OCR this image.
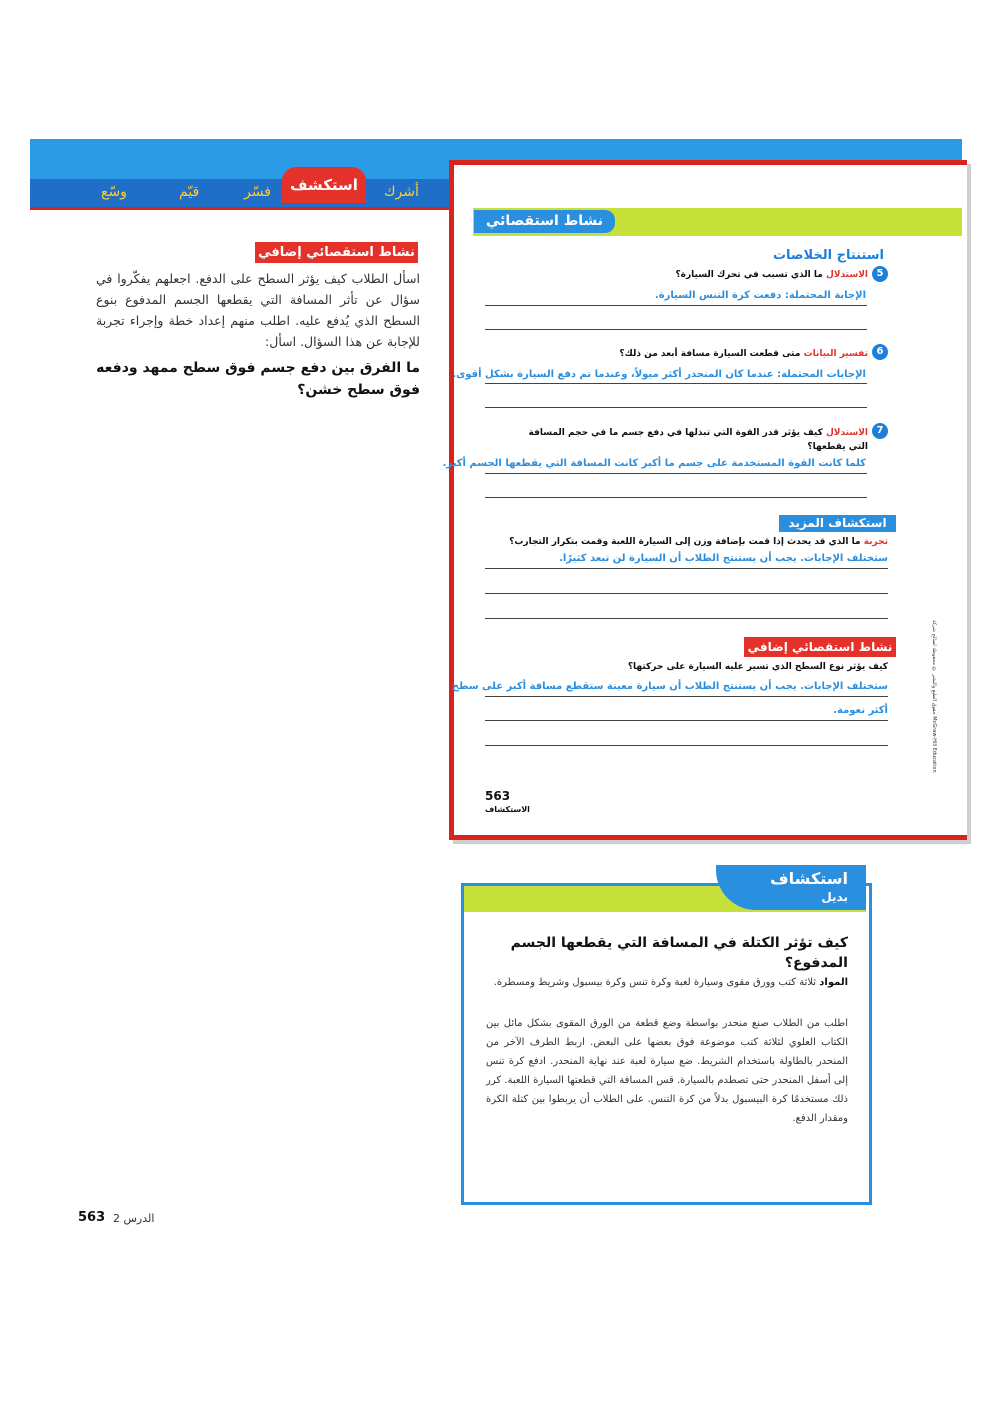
وسّع	قيّم	فسّر	أشرك
استكشف
نشاط استقصائي إضافي
اسأل الطلاب كيف يؤثر السطح على الدفع. اجعلهم يفكّروا في سؤال عن تأثر المسافة التي يقطعها الجسم المدفوع بنوع السطح الذي يُدفع عليه. اطلب منهم إعداد خطة وإجراء تجربة للإجابة عن هذا السؤال. اسأل:
ما الفرق بين دفع جسم فوق سطح ممهد ودفعه فوق سطح خشن؟
نشاط استقصائي
استنتاج الخلاصات
5
الاستدلال ما الذي تسبب في تحرك السيارة؟
الإجابة المحتملة: دفعت كرة التنس السيارة.
6
تفسير البيانات متى قطعت السيارة مسافة أبعد من ذلك؟
الإجابات المحتملة: عندما كان المنحدر أكثر ميولاً، وعندما تم دفع السيارة بشكل أقوى.
7
الاستدلال كيف يؤثر قدر القوة التي تبذلها في دفع جسم ما في حجم المسافة
التي يقطعها؟
كلما كانت القوة المستخدمة على جسم ما أكبر كانت المسافة التي يقطعها الجسم أكبر.
استكشاف المزيد
تجربة ما الذي قد يحدث إذا قمت بإضافة وزن إلى السيارة اللعبة وقمت بتكرار التجارب؟
ستختلف الإجابات. يجب أن يستنتج الطلاب أن السيارة لن تبعد كثيرًا.
نشاط استقصائي إضافي
كيف يؤثر نوع السطح الذي تسير عليه السيارة على حركتها؟
ستختلف الإجابات. يجب أن يستنتج الطلاب أن سيارة معينة ستقطع مسافة أكبر على سطح
أكثر نعومة.
563
الاستكشاف
حقوق الطبع والنشر © محفوظة لصالح شركة McGraw-Hill Education
استكشاف
بديل
كيف تؤثر الكتلة في المسافة التي يقطعها الجسم المدفوع؟
المواد ثلاثة كتب وورق مقوى وسيارة لعبة وكرة تنس وكرة بيسبول وشريط ومسطرة.
اطلب من الطلاب صنع منحدر بواسطة وضع قطعة من الورق المقوى بشكل مائل بين الكتاب العلوي لثلاثة كتب موضوعة فوق بعضها على البعض. اربط الطرف الآخر من المنحدر بالطاولة باستخدام الشريط. ضع سيارة لعبة عند نهاية المنحدر. ادفع كرة تنس إلى أسفل المنحدر حتى تصطدم بالسيارة. قس المسافة التي قطعتها السيارة اللعبة. كرر ذلك مستخدمًا كرة البيسبول بدلاً من كرة التنس. على الطلاب أن يربطوا بين كتلة الكرة ومقدار الدفع.
563 الدرس 2
